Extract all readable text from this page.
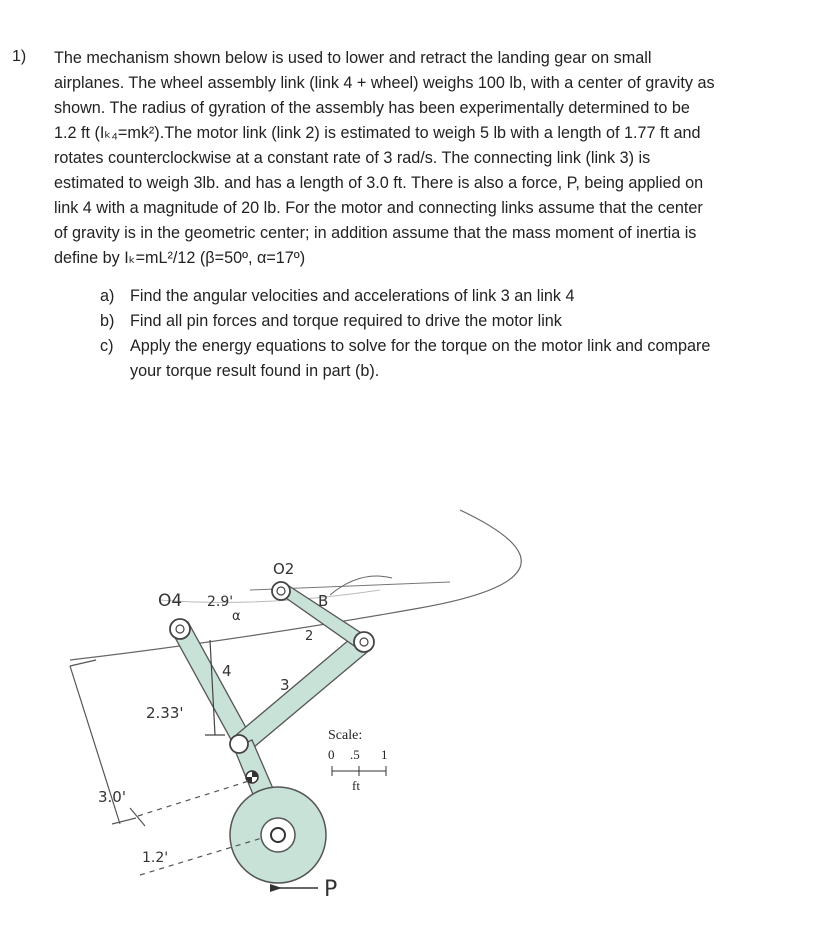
1) The mechanism shown below is used to lower and retract the landing gear on small
airplanes. The wheel assembly link (link 4 + wheel) weighs 100 lb, with a center of gravity as
shown. The radius of gyration of the assembly has been experimentally determined to be
1.2 ft (Iₖ₄=mk²).The motor link (link 2) is estimated to weigh 5 lb with a length of 1.77 ft and
rotates counterclockwise at a constant rate of 3 rad/s. The connecting link (link 3) is
estimated to weigh 3lb. and has a length of 3.0 ft. There is also a force, P, being applied on
link 4 with a magnitude of 20 lb. For the motor and connecting links assume that the center
of gravity is in the geometric center; in addition assume that the mass moment of inertia is
define by Iₖ=mL²/12 (β=50º, α=17º)
a) Find the angular velocities and accelerations of link 3 an link 4
b) Find all pin forces and torque required to drive the motor link
c)	Apply the energy equations to solve for the torque on the motor link and compare
your torque result found in part (b).
O4 2.9'
α
O2
B
2
4
3
2.33'
3.0'
1.2'
P
Scale:
0 .5 1
ft
